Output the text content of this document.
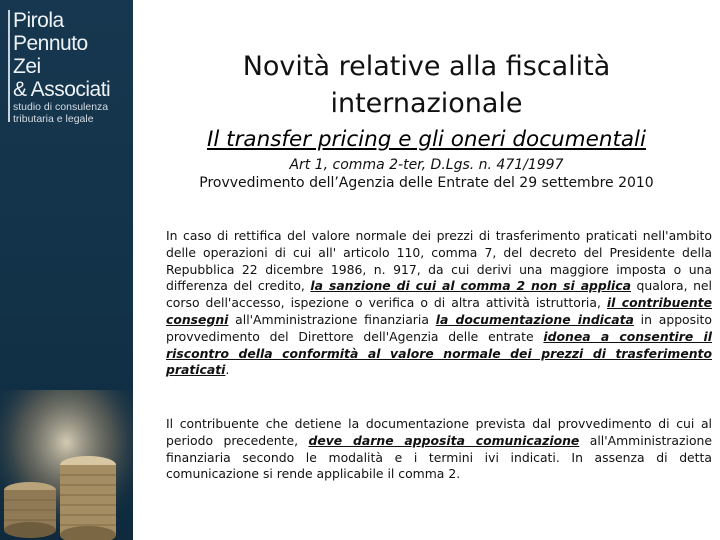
Pirola
Pennuto
Zei
& Associati
studio di consulenza
tributaria e legale
Novità relative alla fiscalità
internazionale
Il transfer pricing e gli oneri documentali
Art 1, comma 2-ter, D.Lgs. n. 471/1997
Provvedimento dell’Agenzia delle Entrate del 29 settembre 2010
In caso di rettifica del valore normale dei prezzi di trasferimento praticati nell'ambito delle operazioni di cui all' articolo 110, comma 7, del decreto del Presidente della Repubblica 22 dicembre 1986, n. 917, da cui derivi una maggiore imposta o una differenza del credito, la sanzione di cui al comma 2 non si applica qualora, nel corso dell'accesso, ispezione o verifica o di altra attività istruttoria, il contribuente consegni all'Amministrazione finanziaria la documentazione indicata in apposito provvedimento del Direttore dell'Agenzia delle entrate idonea a consentire il riscontro della conformità al valore normale dei prezzi di trasferimento praticati.
Il contribuente che detiene la documentazione prevista dal provvedimento di cui al periodo precedente, deve darne apposita comunicazione all'Amministrazione finanziaria secondo le modalità e i termini ivi indicati. In assenza di detta comunicazione si rende applicabile il comma 2.
